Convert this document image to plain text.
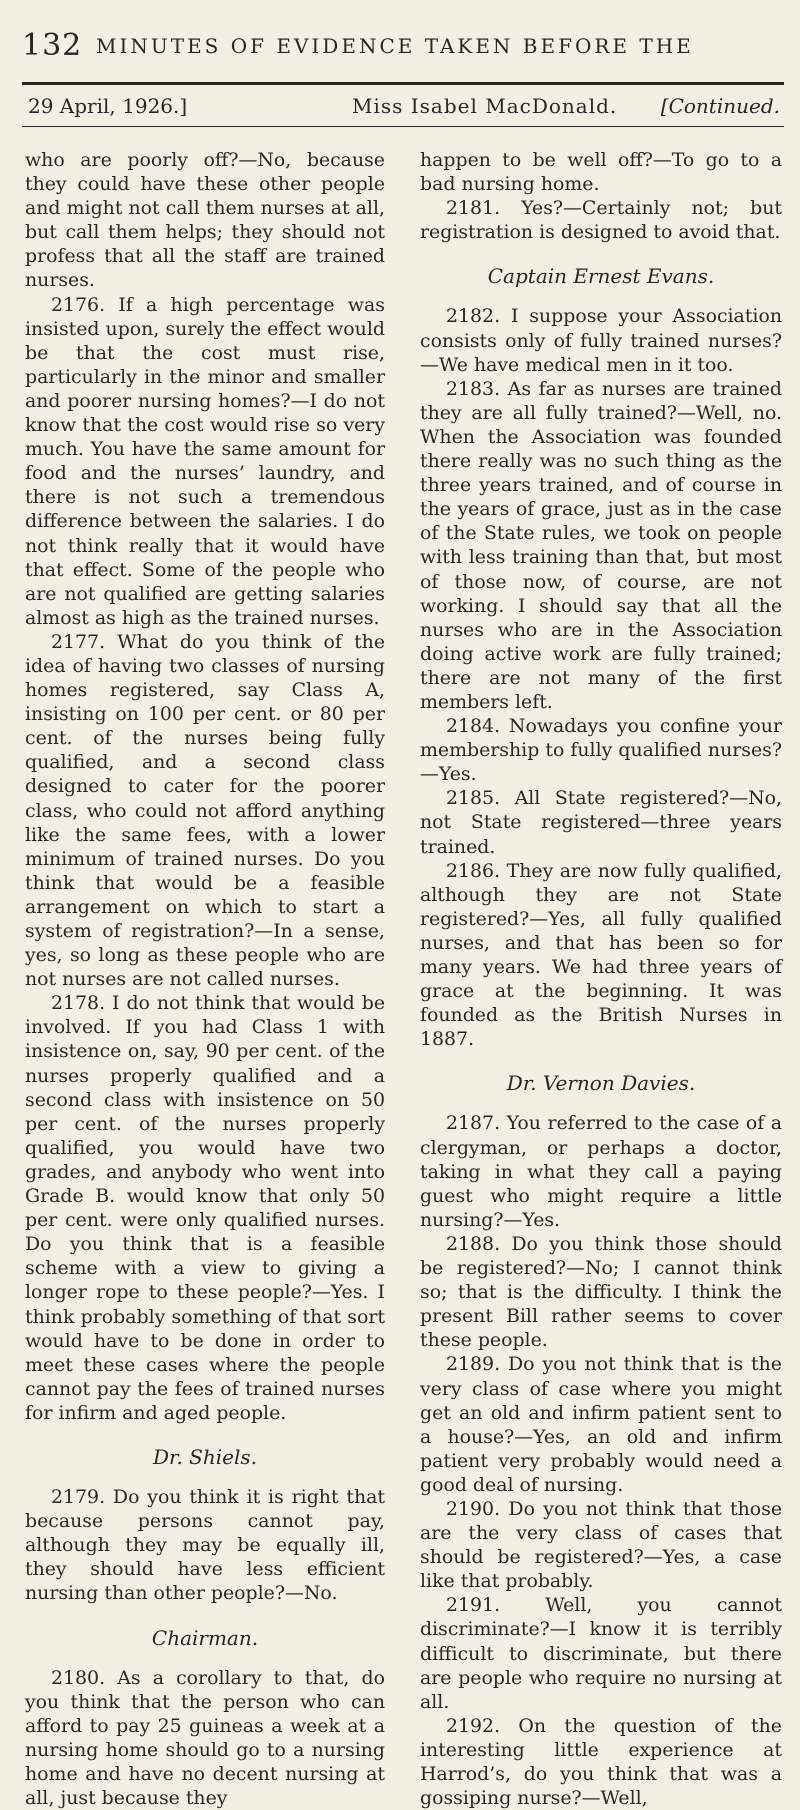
132 MINUTES OF EVIDENCE TAKEN BEFORE THE
29 April, 1926.]	Miss Isabel MacDonald. [Continued.

who are poorly off?—No, because they could have these other people and might not call them nurses at all, but call them helps; they should not profess that all the staff are trained nurses.

2176. If a high percentage was insisted upon, surely the effect would be that the cost must rise, particularly in the minor and smaller and poorer nursing homes?—I do not know that the cost would rise so very much. You have the same amount for food and the nurses’ laundry, and there is not such a tremendous difference between the salaries. I do not think really that it would have that effect. Some of the people who are not qualified are getting salaries almost as high as the trained nurses.

2177. What do you think of the idea of having two classes of nursing homes registered, say Class A, insisting on 100 per cent. or 80 per cent. of the nurses being fully qualified, and a second class designed to cater for the poorer class, who could not afford anything like the same fees, with a lower minimum of trained nurses. Do you think that would be a feasible arrangement on which to start a system of registration?—In a sense, yes, so long as these people who are not nurses are not called nurses.

2178. I do not think that would be involved. If you had Class 1 with insistence on, say, 90 per cent. of the nurses properly qualified and a second class with insistence on 50 per cent. of the nurses properly qualified, you would have two grades, and anybody who went into Grade B. would know that only 50 per cent. were only qualified nurses. Do you think that is a feasible scheme with a view to giving a longer rope to these people?—Yes. I think probably something of that sort would have to be done in order to meet these cases where the people cannot pay the fees of trained nurses for infirm and aged people.

Dr. Shiels.

2179. Do you think it is right that because persons cannot pay, although they may be equally ill, they should have less efficient nursing than other people?—No.

Chairman.

2180. As a corollary to that, do you think that the person who can afford to pay 25 guineas a week at a nursing home should go to a nursing home and have no decent nursing at all, just because they

happen to be well off?—To go to a bad nursing home.

2181. Yes?—Certainly not; but registration is designed to avoid that.

Captain Ernest Evans.

2182. I suppose your Association consists only of fully trained nurses?—We have medical men in it too.

2183. As far as nurses are trained they are all fully trained?—Well, no. When the Association was founded there really was no such thing as the three years trained, and of course in the years of grace, just as in the case of the State rules, we took on people with less training than that, but most of those now, of course, are not working. I should say that all the nurses who are in the Association doing active work are fully trained; there are not many of the first members left.

2184. Nowadays you confine your membership to fully qualified nurses?—Yes.

2185. All State registered?—No, not State registered—three years trained.

2186. They are now fully qualified, although they are not State registered?—Yes, all fully qualified nurses, and that has been so for many years. We had three years of grace at the beginning. It was founded as the British Nurses in 1887.

Dr. Vernon Davies.

2187. You referred to the case of a clergyman, or perhaps a doctor, taking in what they call a paying guest who might require a little nursing?—Yes.

2188. Do you think those should be registered?—No; I cannot think so; that is the difficulty. I think the present Bill rather seems to cover these people.

2189. Do you not think that is the very class of case where you might get an old and infirm patient sent to a house?—Yes, an old and infirm patient very probably would need a good deal of nursing.

2190. Do you not think that those are the very class of cases that should be registered?—Yes, a case like that probably.

2191. Well, you cannot discriminate?—I know it is terribly difficult to discriminate, but there are people who require no nursing at all.

2192. On the question of the interesting little experience at Harrod’s, do you think that was a gossiping nurse?—Well,
